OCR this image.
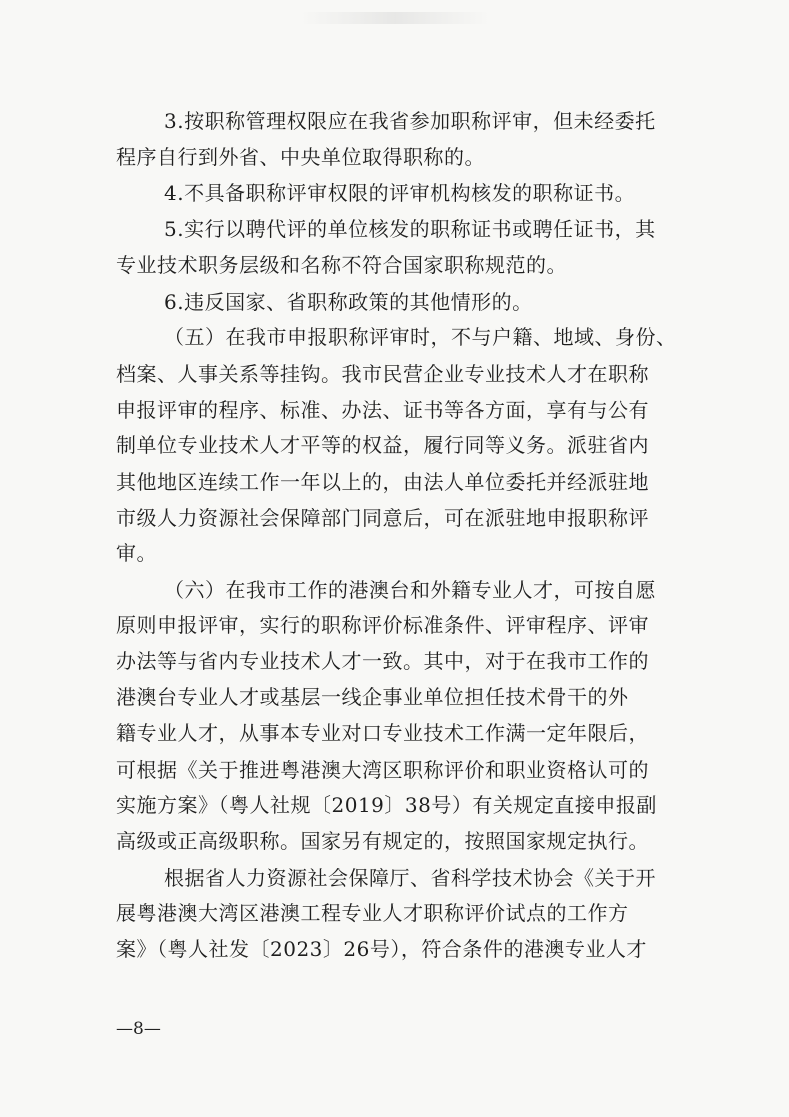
3.按职称管理权限应在我省参加职称评审，但未经委托
程序自行到外省、中央单位取得职称的。
4.不具备职称评审权限的评审机构核发的职称证书。
5.实行以聘代评的单位核发的职称证书或聘任证书，其
专业技术职务层级和名称不符合国家职称规范的。
6.违反国家、省职称政策的其他情形的。
（五）在我市申报职称评审时，不与户籍、地域、身份、
档案、人事关系等挂钩。我市民营企业专业技术人才在职称
申报评审的程序、标准、办法、证书等各方面，享有与公有
制单位专业技术人才平等的权益，履行同等义务。派驻省内
其他地区连续工作一年以上的，由法人单位委托并经派驻地
市级人力资源社会保障部门同意后，可在派驻地申报职称评
审。
（六）在我市工作的港澳台和外籍专业人才，可按自愿
原则申报评审，实行的职称评价标准条件、评审程序、评审
办法等与省内专业技术人才一致。其中，对于在我市工作的
港澳台专业人才或基层一线企事业单位担任技术骨干的外
籍专业人才，从事本专业对口专业技术工作满一定年限后，
可根据《关于推进粤港澳大湾区职称评价和职业资格认可的
实施方案》（粤人社规〔2019〕38号）有关规定直接申报副
高级或正高级职称。国家另有规定的，按照国家规定执行。
根据省人力资源社会保障厅、省科学技术协会《关于开
展粤港澳大湾区港澳工程专业人才职称评价试点的工作方
案》（粤人社发〔2023〕26号），符合条件的港澳专业人才
—8—
